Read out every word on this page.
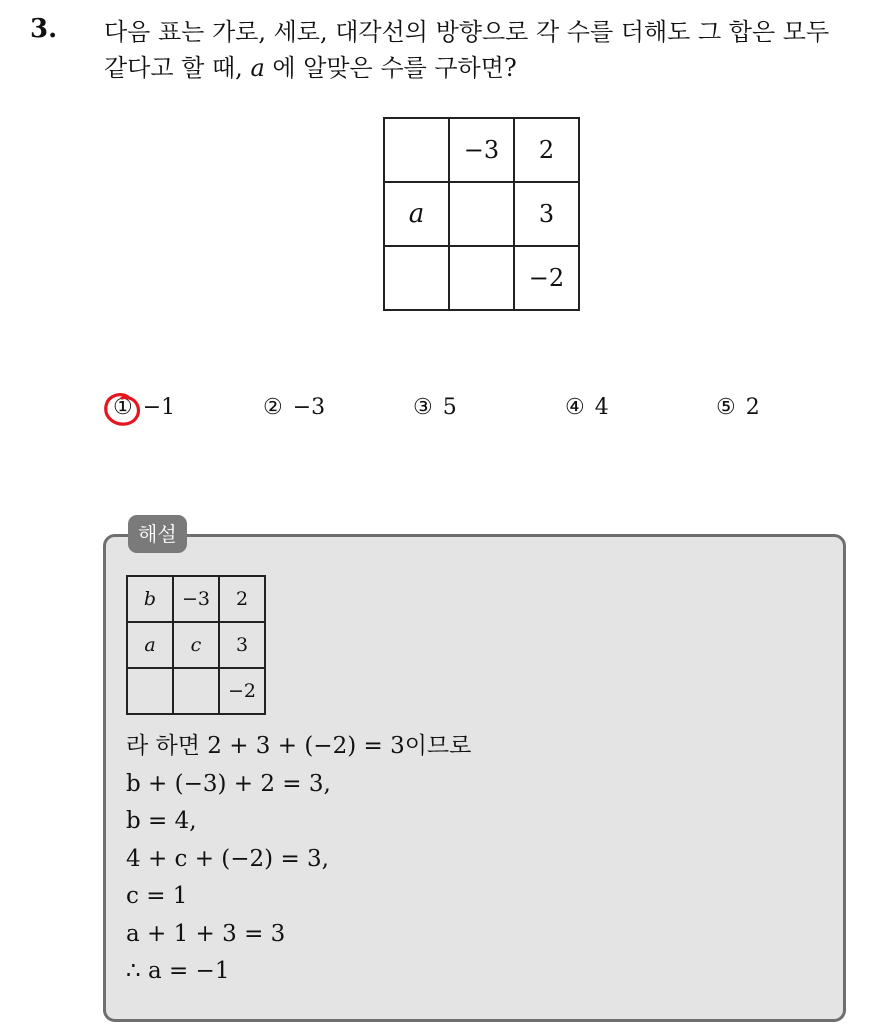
3. 다음 표는 가로, 세로, 대각선의 방향으로 각 수를 더해도 그 합은 모두
같다고 할 때, a 에 알맞은 수를 구하면?
	−3	2
a		3
		−2
① −1	② −3	③ 5	④ 4	⑤ 2
해설
b	−3	2
a	c	3
		−2
라 하면 2 + 3 + (−2) = 3이므로
b + (−3) + 2 = 3,
b = 4,
4 + c + (−2) = 3,
c = 1
a + 1 + 3 = 3
∴ a = −1
